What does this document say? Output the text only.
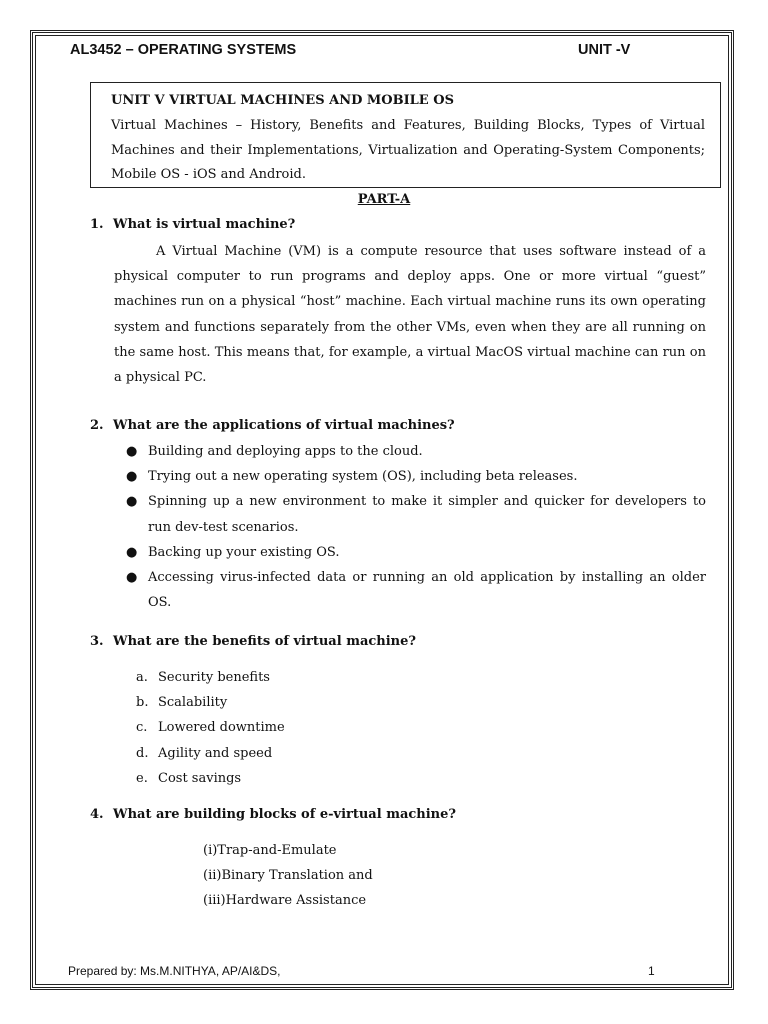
AL3452 – OPERATING SYSTEMS	UNIT -V
UNIT V VIRTUAL MACHINES AND MOBILE OS
Virtual Machines – History, Benefits and Features, Building Blocks, Types of Virtual Machines and their Implementations, Virtualization and Operating-System Components; Mobile OS - iOS and Android.
PART-A
1. What is virtual machine?
A Virtual Machine (VM) is a compute resource that uses software instead of a physical computer to run programs and deploy apps. One or more virtual “guest” machines run on a physical “host” machine. Each virtual machine runs its own operating system and functions separately from the other VMs, even when they are all running on the same host. This means that, for example, a virtual MacOS virtual machine can run on a physical PC.
2. What are the applications of virtual machines?
● Building and deploying apps to the cloud.
● Trying out a new operating system (OS), including beta releases.
● Spinning up a new environment to make it simpler and quicker for developers to run dev-test scenarios.
● Backing up your existing OS.
● Accessing virus-infected data or running an old application by installing an older OS.
3. What are the benefits of virtual machine?
a. Security benefits
b. Scalability
c. Lowered downtime
d. Agility and speed
e. Cost savings
4. What are building blocks of e-virtual machine?
(i)Trap-and-Emulate
(ii)Binary Translation and
(iii)Hardware Assistance
Prepared by: Ms.M.NITHYA, AP/AI&DS,	1
